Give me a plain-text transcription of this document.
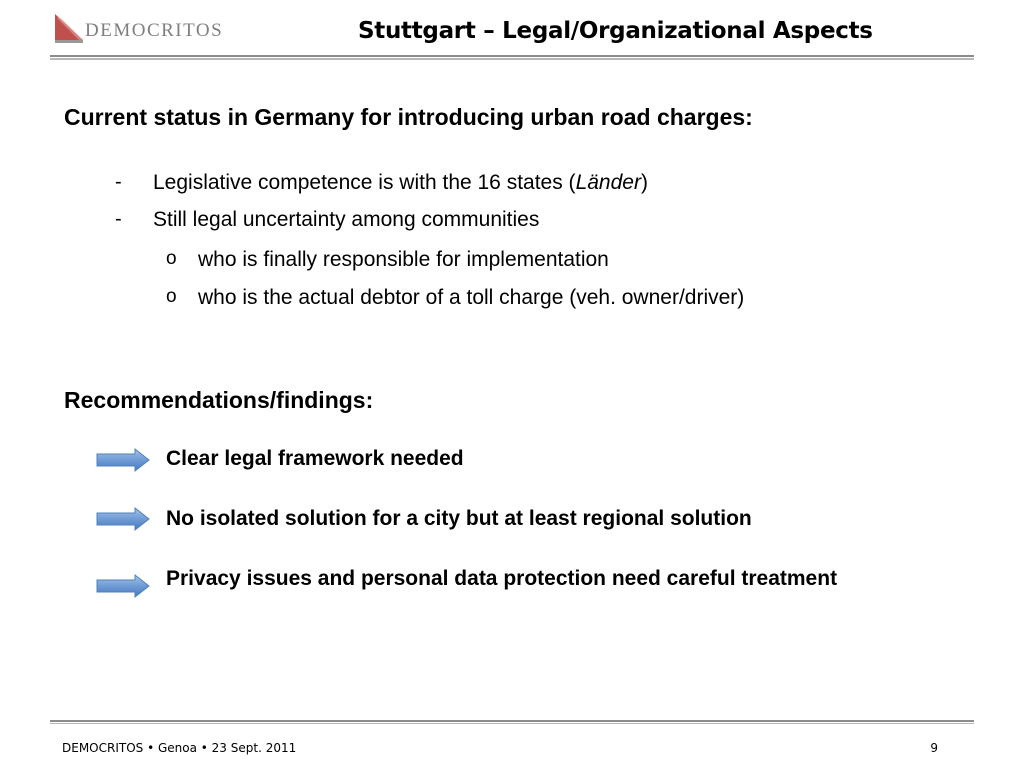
DEMOCRITOS	Stuttgart – Legal/Organizational Aspects
Current status in Germany for introducing urban road charges:
- Legislative competence is with the 16 states (Länder)
- Still legal uncertainty among communities
o who is finally responsible for implementation
o who is the actual debtor of a toll charge (veh. owner/driver)
Recommendations/findings:
Clear legal framework needed
No isolated solution for a city but at least regional solution
Privacy issues and personal data protection need careful treatment
DEMOCRITOS • Genoa • 23 Sept. 2011	9
